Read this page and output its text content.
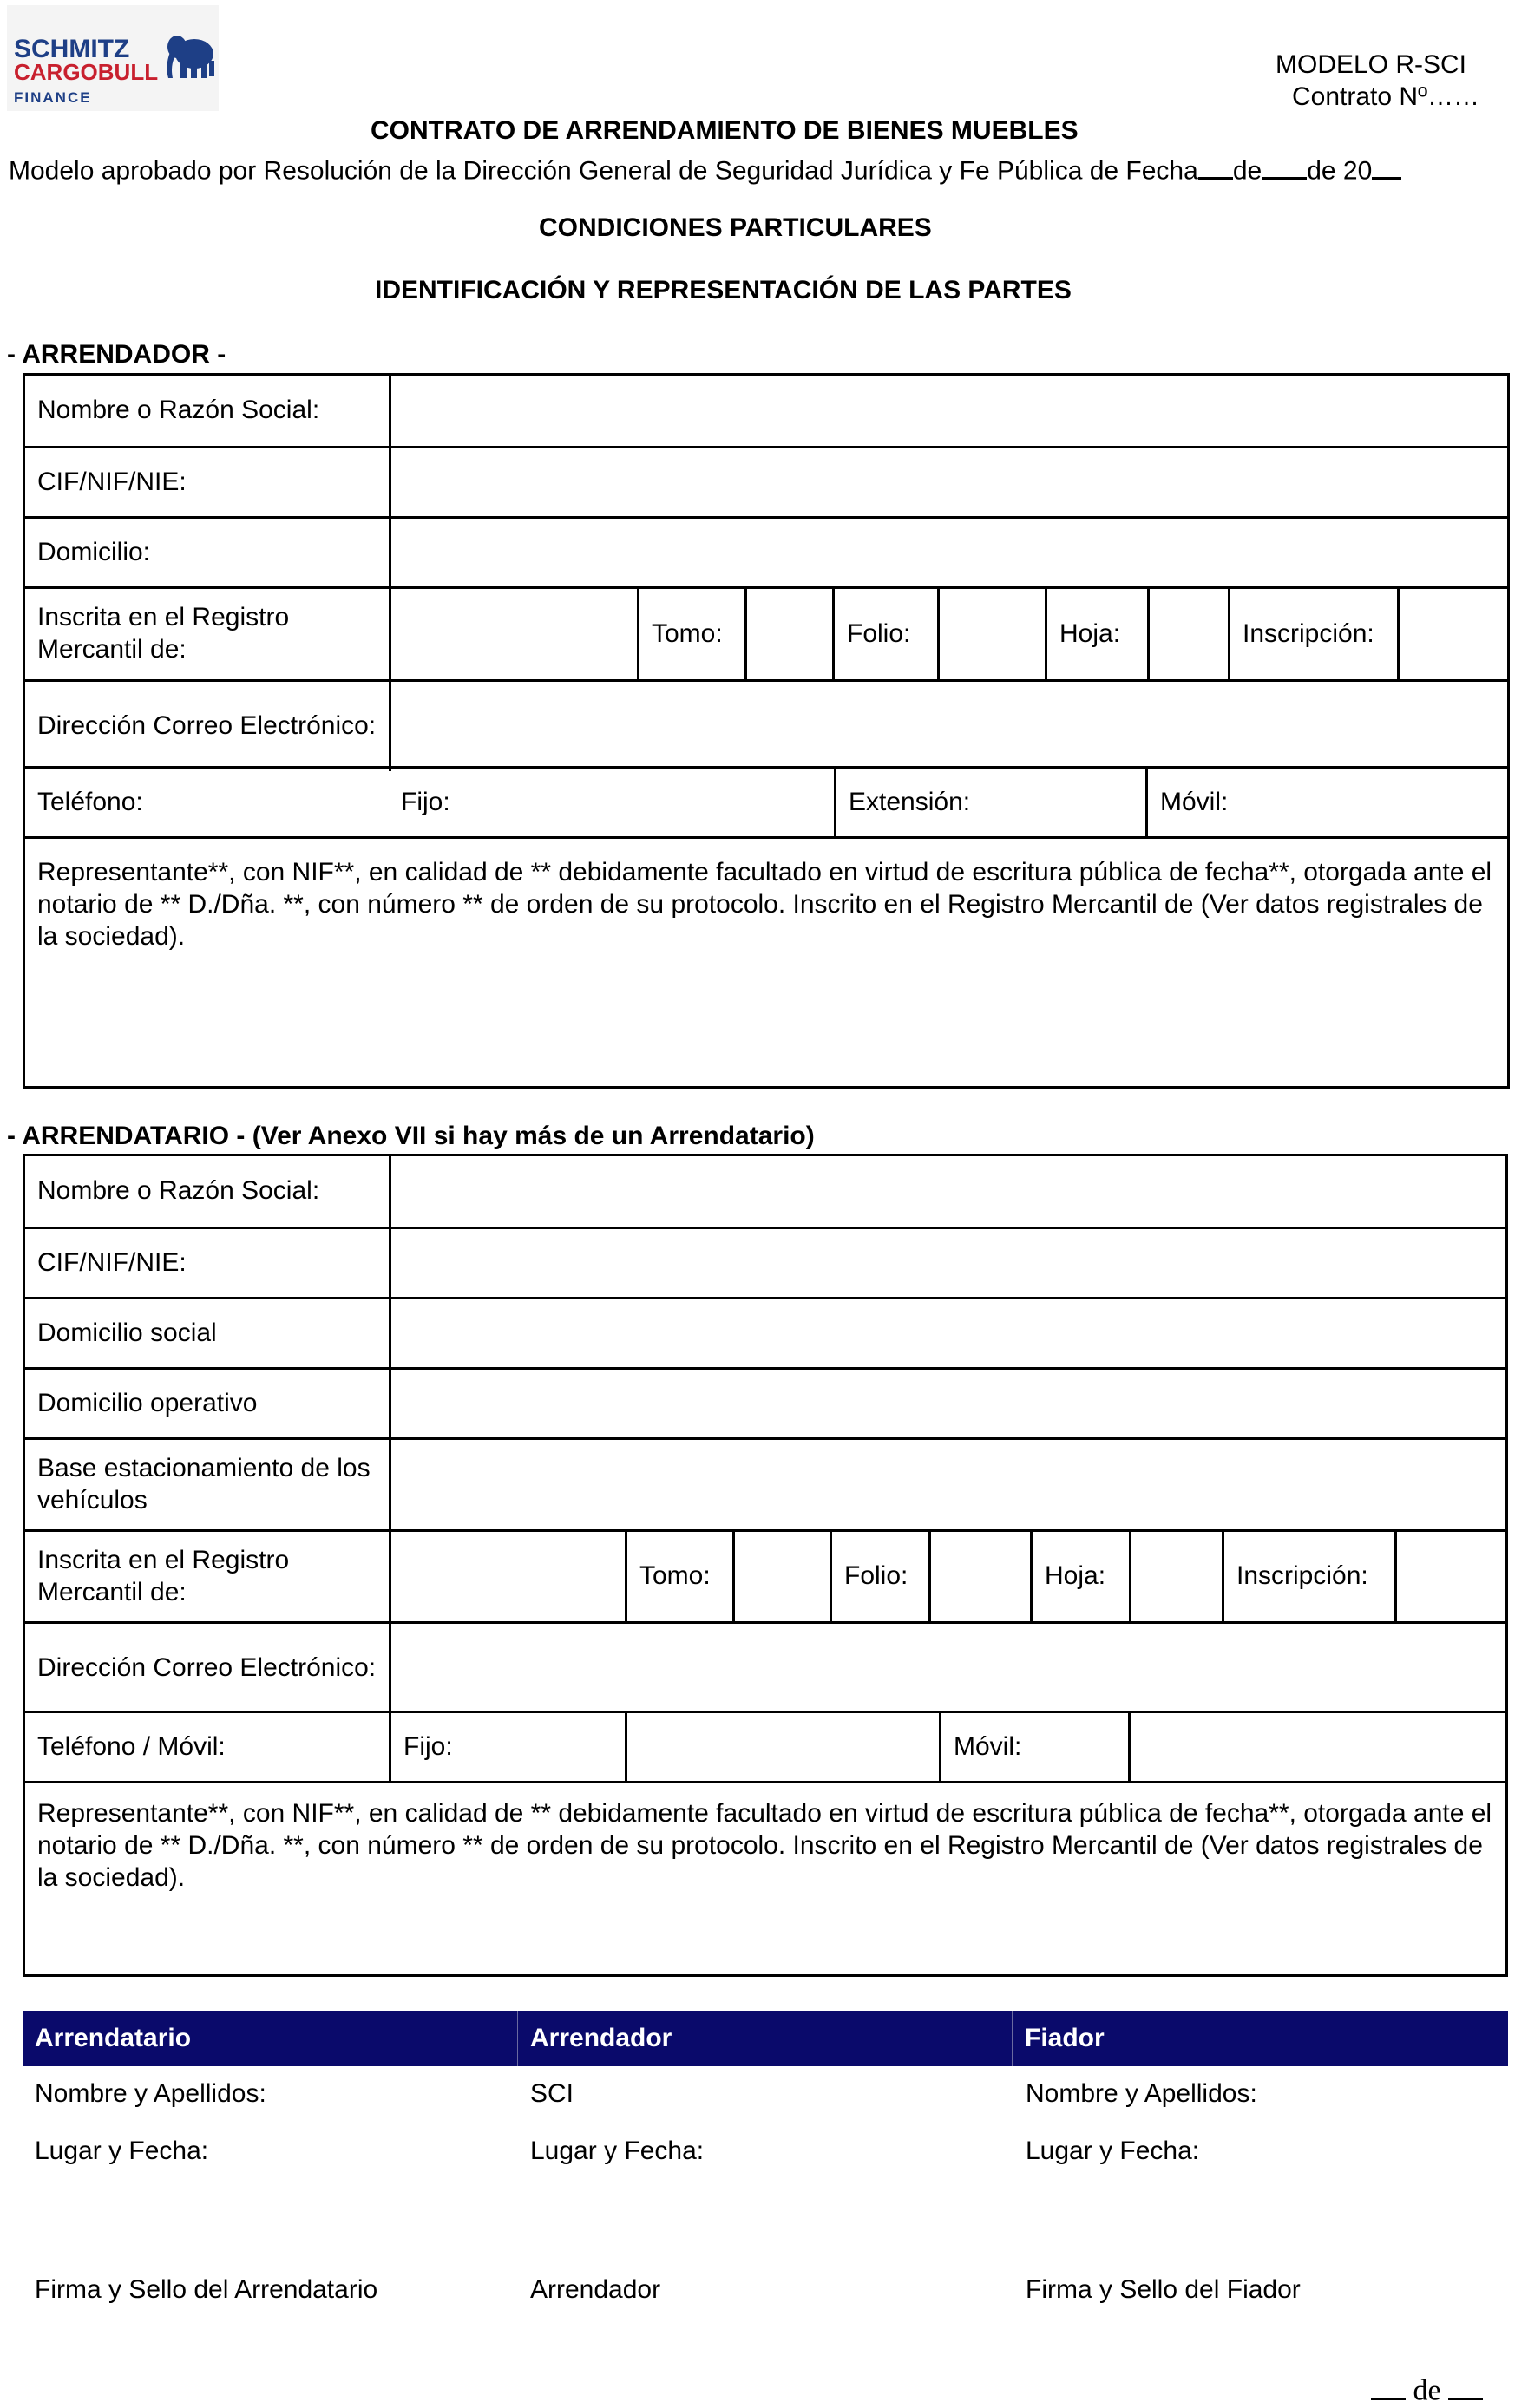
SCHMITZ
CARGOBULL
FINANCE
MODELO R-SCI
Contrato Nº……
CONTRATO DE ARRENDAMIENTO DE BIENES MUEBLES
Modelo aprobado por Resolución de la Dirección General de Seguridad Jurídica y Fe Pública de Fecha de de 20
CONDICIONES PARTICULARES
IDENTIFICACIÓN Y REPRESENTACIÓN DE LAS PARTES
- ARRENDADOR -
Nombre o Razón Social:
CIF/NIF/NIE:
Domicilio:
Inscrita en el Registro Mercantil de:
Tomo:	Folio:	Hoja:	Inscripción:
Dirección Correo Electrónico:
Teléfono:	Fijo:	Extensión:	Móvil:
Representante**, con NIF**, en calidad de ** debidamente facultado en virtud de escritura pública de fecha**, otorgada ante el notario de ** D./Dña. **, con número ** de orden de su protocolo. Inscrito en el Registro Mercantil de (Ver datos registrales de la sociedad).
- ARRENDATARIO - (Ver Anexo VII si hay más de un Arrendatario)
Nombre o Razón Social:
CIF/NIF/NIE:
Domicilio social
Domicilio operativo
Base estacionamiento de los vehículos
Inscrita en el Registro Mercantil de:
Tomo:	Folio:	Hoja:	Inscripción:
Dirección Correo Electrónico:
Teléfono / Móvil:	Fijo:	Móvil:
Representante**, con NIF**, en calidad de ** debidamente facultado en virtud de escritura pública de fecha**, otorgada ante el notario de ** D./Dña. **, con número ** de orden de su protocolo. Inscrito en el Registro Mercantil de (Ver datos registrales de la sociedad).
Arrendatario	Arrendador	Fiador
Nombre y Apellidos:	SCI	Nombre y Apellidos:
Lugar y Fecha:	Lugar y Fecha:	Lugar y Fecha:
Firma y Sello del Arrendatario	Arrendador	Firma y Sello del Fiador
de
